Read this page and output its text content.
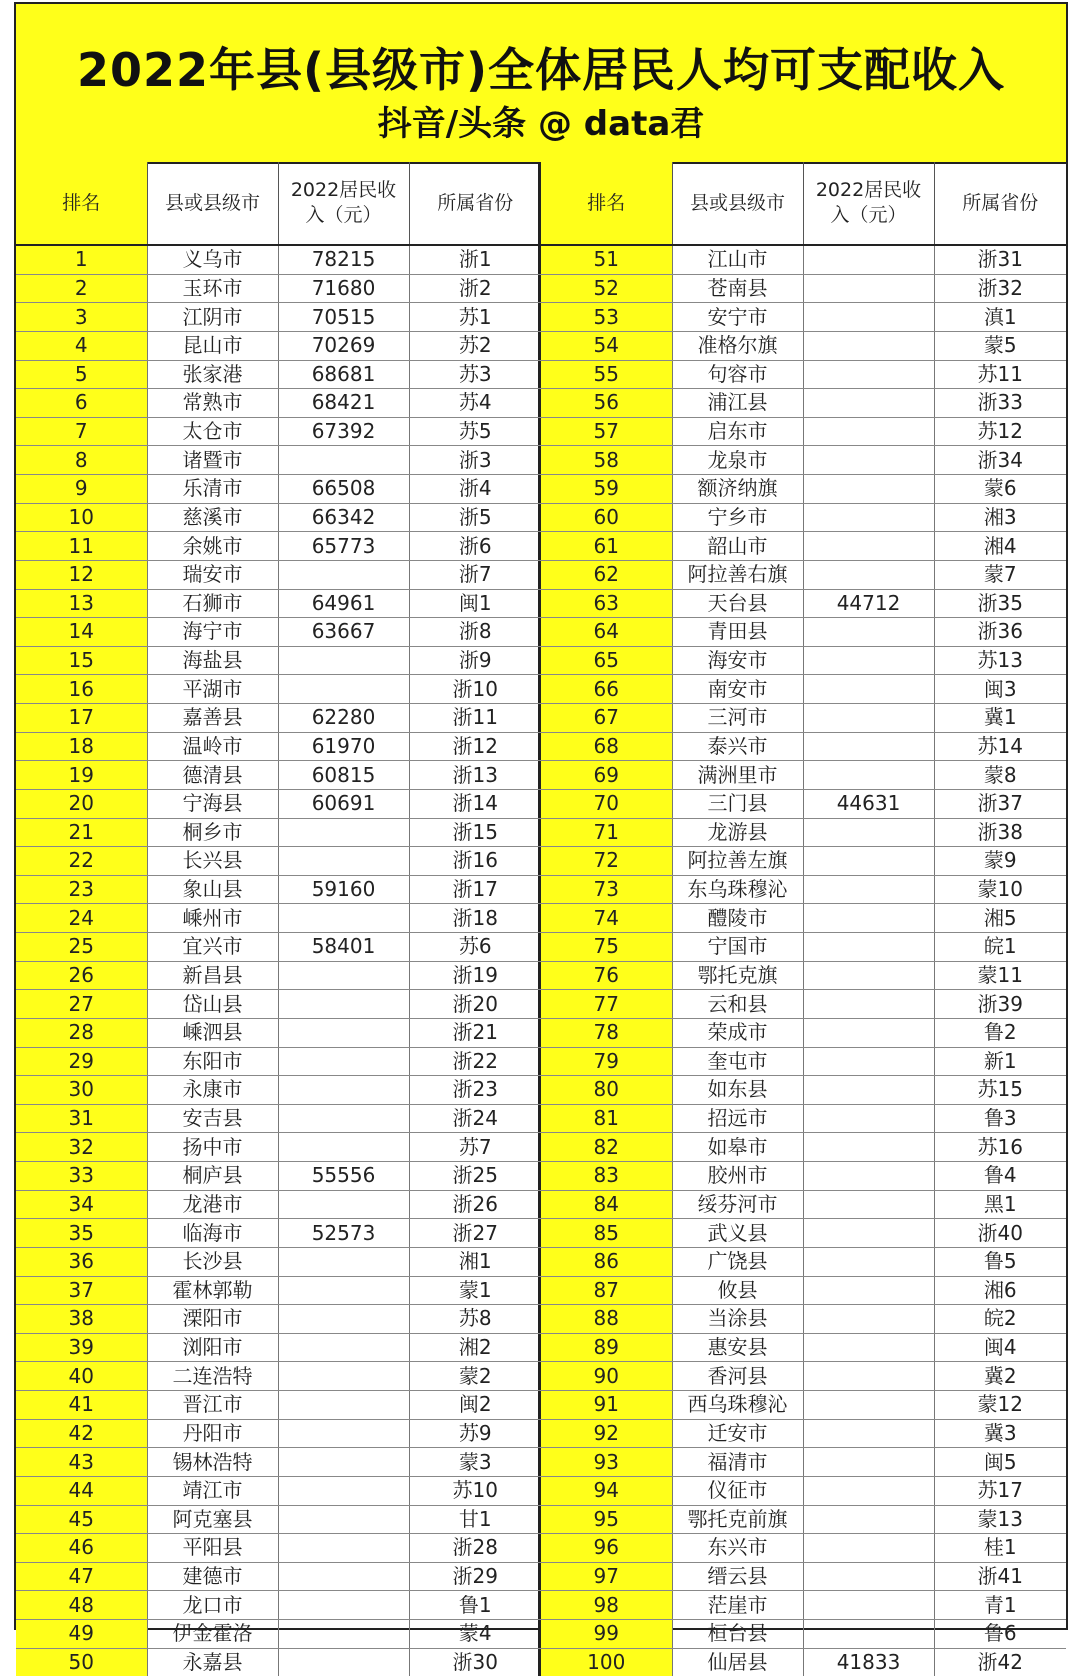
2022年县(县级市)全体居民人均可支配收入
抖音/头条 @ data君
排名	县或县级市	2022居民收入（元）	所属省份
1	义乌市	78215	浙1
2	玉环市	71680	浙2
3	江阴市	70515	苏1
4	昆山市	70269	苏2
5	张家港	68681	苏3
6	常熟市	68421	苏4
7	太仓市	67392	苏5
8	诸暨市		浙3
9	乐清市	66508	浙4
10	慈溪市	66342	浙5
11	余姚市	65773	浙6
12	瑞安市		浙7
13	石狮市	64961	闽1
14	海宁市	63667	浙8
15	海盐县		浙9
16	平湖市		浙10
17	嘉善县	62280	浙11
18	温岭市	61970	浙12
19	德清县	60815	浙13
20	宁海县	60691	浙14
21	桐乡市		浙15
22	长兴县		浙16
23	象山县	59160	浙17
24	嵊州市		浙18
25	宜兴市	58401	苏6
26	新昌县		浙19
27	岱山县		浙20
28	嵊泗县		浙21
29	东阳市		浙22
30	永康市		浙23
31	安吉县		浙24
32	扬中市		苏7
33	桐庐县	55556	浙25
34	龙港市		浙26
35	临海市	52573	浙27
36	长沙县		湘1
37	霍林郭勒		蒙1
38	溧阳市		苏8
39	浏阳市		湘2
40	二连浩特		蒙2
41	晋江市		闽2
42	丹阳市		苏9
43	锡林浩特		蒙3
44	靖江市		苏10
45	阿克塞县		甘1
46	平阳县		浙28
47	建德市		浙29
48	龙口市		鲁1
49	伊金霍洛		蒙4
50	永嘉县		浙30
排名	县或县级市	2022居民收入（元）	所属省份
51	江山市		浙31
52	苍南县		浙32
53	安宁市		滇1
54	准格尔旗		蒙5
55	句容市		苏11
56	浦江县		浙33
57	启东市		苏12
58	龙泉市		浙34
59	额济纳旗		蒙6
60	宁乡市		湘3
61	韶山市		湘4
62	阿拉善右旗		蒙7
63	天台县	44712	浙35
64	青田县		浙36
65	海安市		苏13
66	南安市		闽3
67	三河市		冀1
68	泰兴市		苏14
69	满洲里市		蒙8
70	三门县	44631	浙37
71	龙游县		浙38
72	阿拉善左旗		蒙9
73	东乌珠穆沁		蒙10
74	醴陵市		湘5
75	宁国市		皖1
76	鄂托克旗		蒙11
77	云和县		浙39
78	荣成市		鲁2
79	奎屯市		新1
80	如东县		苏15
81	招远市		鲁3
82	如皋市		苏16
83	胶州市		鲁4
84	绥芬河市		黑1
85	武义县		浙40
86	广饶县		鲁5
87	攸县		湘6
88	当涂县		皖2
89	惠安县		闽4
90	香河县		冀2
91	西乌珠穆沁		蒙12
92	迁安市		冀3
93	福清市		闽5
94	仪征市		苏17
95	鄂托克前旗		蒙13
96	东兴市		桂1
97	缙云县		浙41
98	茫崖市		青1
99	桓台县		鲁6
100	仙居县	41833	浙42
